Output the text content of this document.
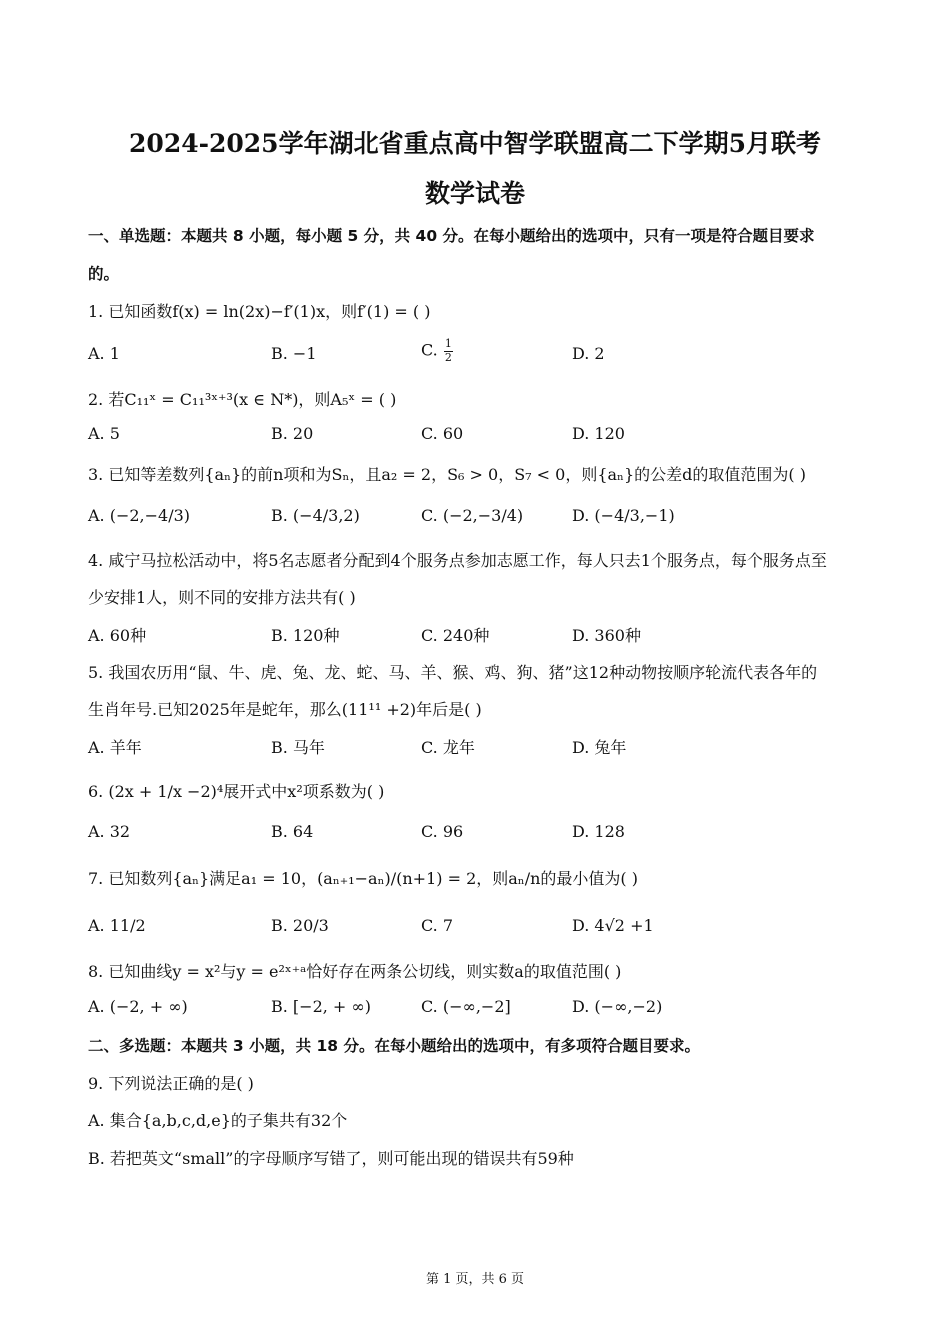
2024-2025学年湖北省重点高中智学联盟高二下学期5月联考
数学试卷
一、单选题：本题共 8 小题，每小题 5 分，共 40 分。在每小题给出的选项中，只有一项是符合题目要求
的。
1. 已知函数f(x) = ln(2x)−f′(1)x，则f′(1) = ( )
A. 1	B. −1	C. $\frac{1}{2}$	D. 2
2. 若C₁₁ˣ = C₁₁³ˣ⁺³(x ∈ N*)，则A₅ˣ = ( )
A. 5	B. 20	C. 60	D. 120
3. 已知等差数列{aₙ}的前n项和为Sₙ，且a₂ = 2，S₆ > 0，S₇ < 0，则{aₙ}的公差d的取值范围为( )
A. (−2,−4/3)	B. (−4/3,2)	C. (−2,−3/4)	D. (−4/3,−1)
4. 咸宁马拉松活动中，将5名志愿者分配到4个服务点参加志愿工作，每人只去1个服务点，每个服务点至
少安排1人，则不同的安排方法共有( )
A. 60种	B. 120种	C. 240种	D. 360种
5. 我国农历用“鼠、牛、虎、兔、龙、蛇、马、羊、猴、鸡、狗、猪”这12种动物按顺序轮流代表各年的
生肖年号.已知2025年是蛇年，那么(11¹¹ +2)年后是( )
A. 羊年	B. 马年	C. 龙年	D. 兔年
6. (2x + 1/x −2)⁴展开式中x²项系数为( )
A. 32	B. 64	C. 96	D. 128
7. 已知数列{aₙ}满足a₁ = 10，(aₙ₊₁−aₙ)/(n+1) = 2，则aₙ/n的最小值为( )
A. 11/2	B. 20/3	C. 7	D. 4√2 +1
8. 已知曲线y = x²与y = e²ˣ⁺ᵃ恰好存在两条公切线，则实数a的取值范围( )
A. (−2, + ∞)	B. [−2, + ∞)	C. (−∞,−2]	D. (−∞,−2)
二、多选题：本题共 3 小题，共 18 分。在每小题给出的选项中，有多项符合题目要求。
9. 下列说法正确的是( )
A. 集合{a,b,c,d,e}的子集共有32个
B. 若把英文“small”的字母顺序写错了，则可能出现的错误共有59种
第 1 页，共 6 页
